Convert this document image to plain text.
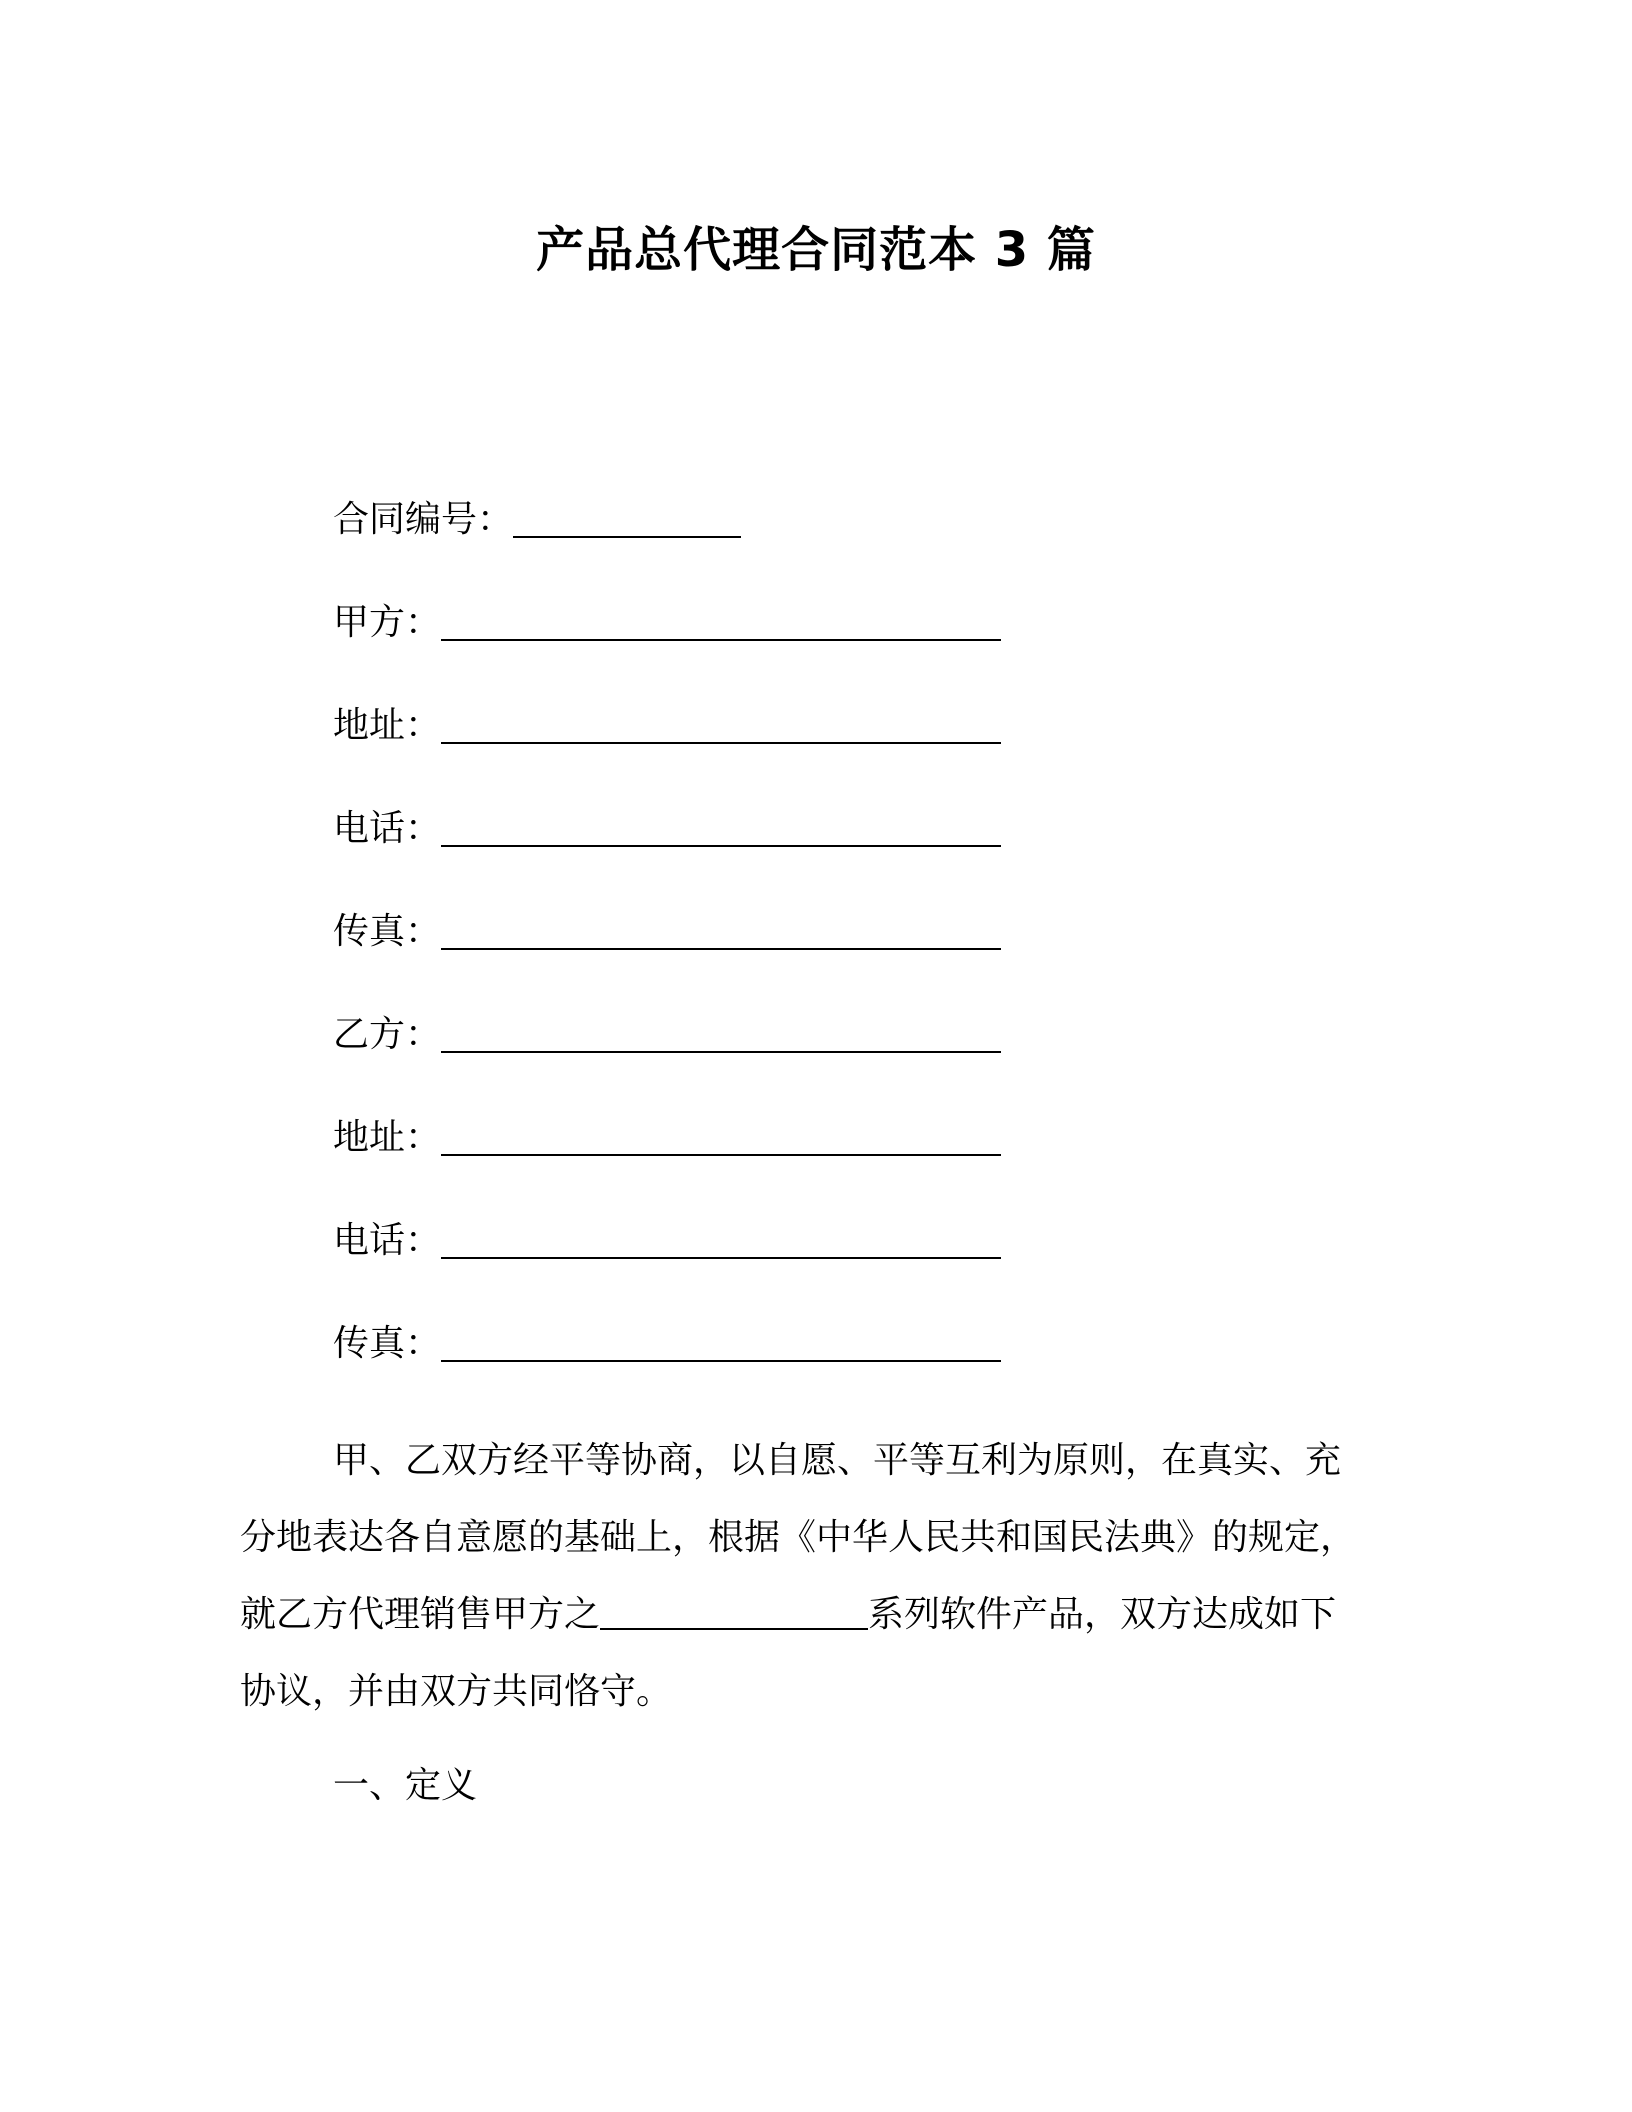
产品总代理合同范本 3 篇
合同编号：
甲方：
地址：
电话：
传真：
乙方：
地址：
电话：
传真：
甲、乙双方经平等协商，以自愿、平等互利为原则，在真实、充
分地表达各自意愿的基础上，根据《中华人民共和国民法典》的规定，
就乙方代理销售甲方之	系列软件产品，双方达成如下
协议，并由双方共同恪守。
一、定义
